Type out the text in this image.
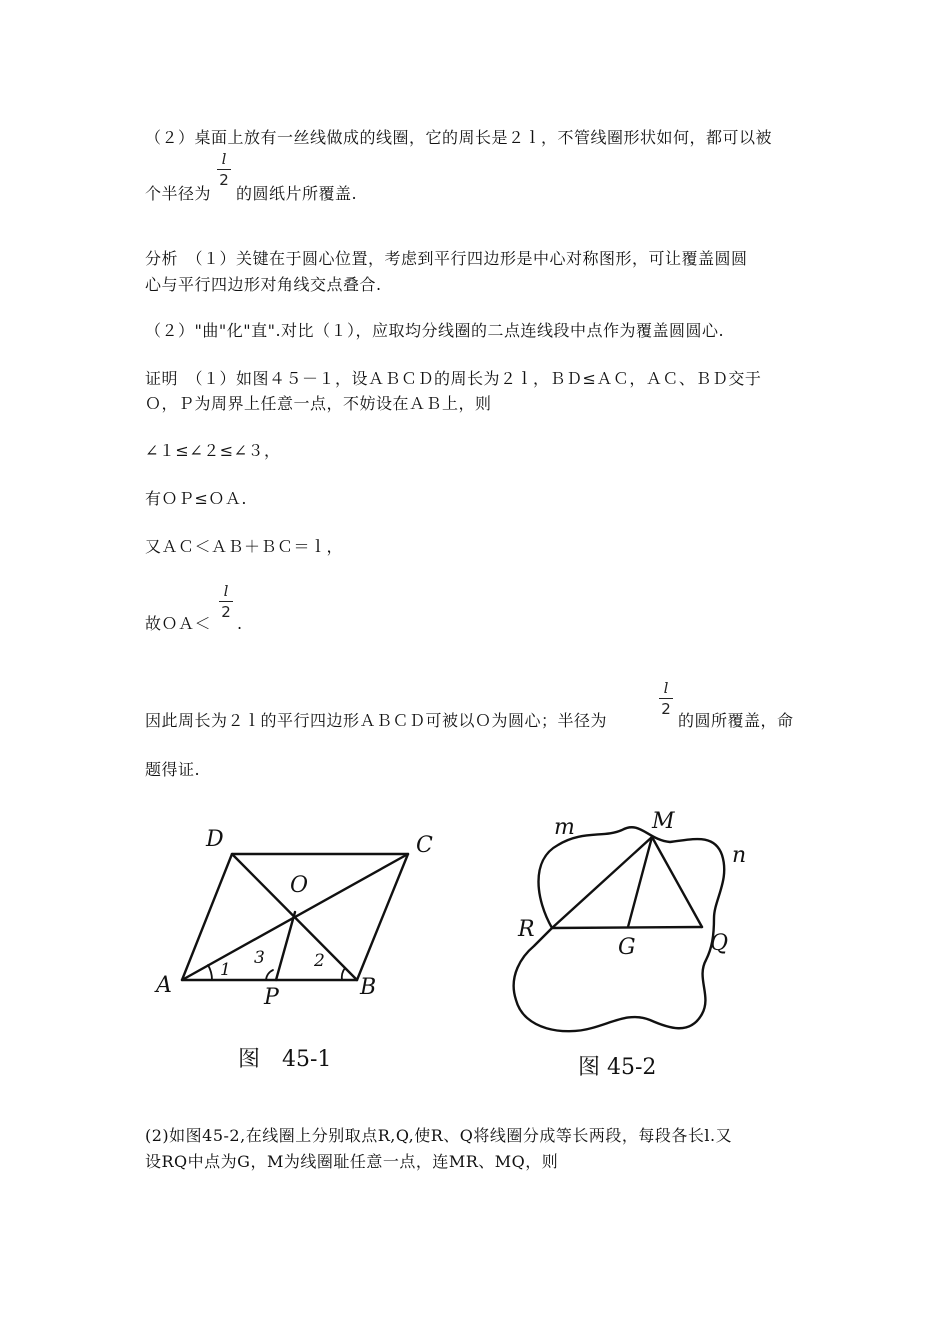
（２）桌面上放有一丝线做成的线圈，它的周长是２ｌ，不管线圈形状如何，都可以被
个半径为
l
2
的圆纸片所覆盖.
分析　（１）关键在于圆心位置，考虑到平行四边形是中心对称图形，可让覆盖圆圆
心与平行四边形对角线交点叠合.
（２）"曲"化"直".对比（１），应取均分线圈的二点连线段中点作为覆盖圆圆心.
证明　（１）如图４５－１，设ＡＢＣＤ的周长为２ｌ，ＢＤ≤ＡＣ，ＡＣ、ＢＤ交于
Ｏ，Ｐ为周界上任意一点，不妨设在ＡＢ上，则
∠１≤∠２≤∠３，
有ＯＰ≤ＯＡ.
又ＡＣ＜ＡＢ＋ＢＣ＝ｌ，
故ＯＡ＜
l
2
.
因此周长为２ｌ的平行四边形ＡＢＣＤ可被以Ｏ为圆心；半径为
l
2
的圆所覆盖，命
题得证.
D	C
O
A	B
P
1
3	2
图　45-1
m	M
n
R
G	Q
图 45-2
(2)如图45-2,在线圈上分别取点R,Q,使R、Q将线圈分成等长两段，每段各长l.又
设RQ中点为G，M为线圈耻任意一点，连MR、MQ，则
